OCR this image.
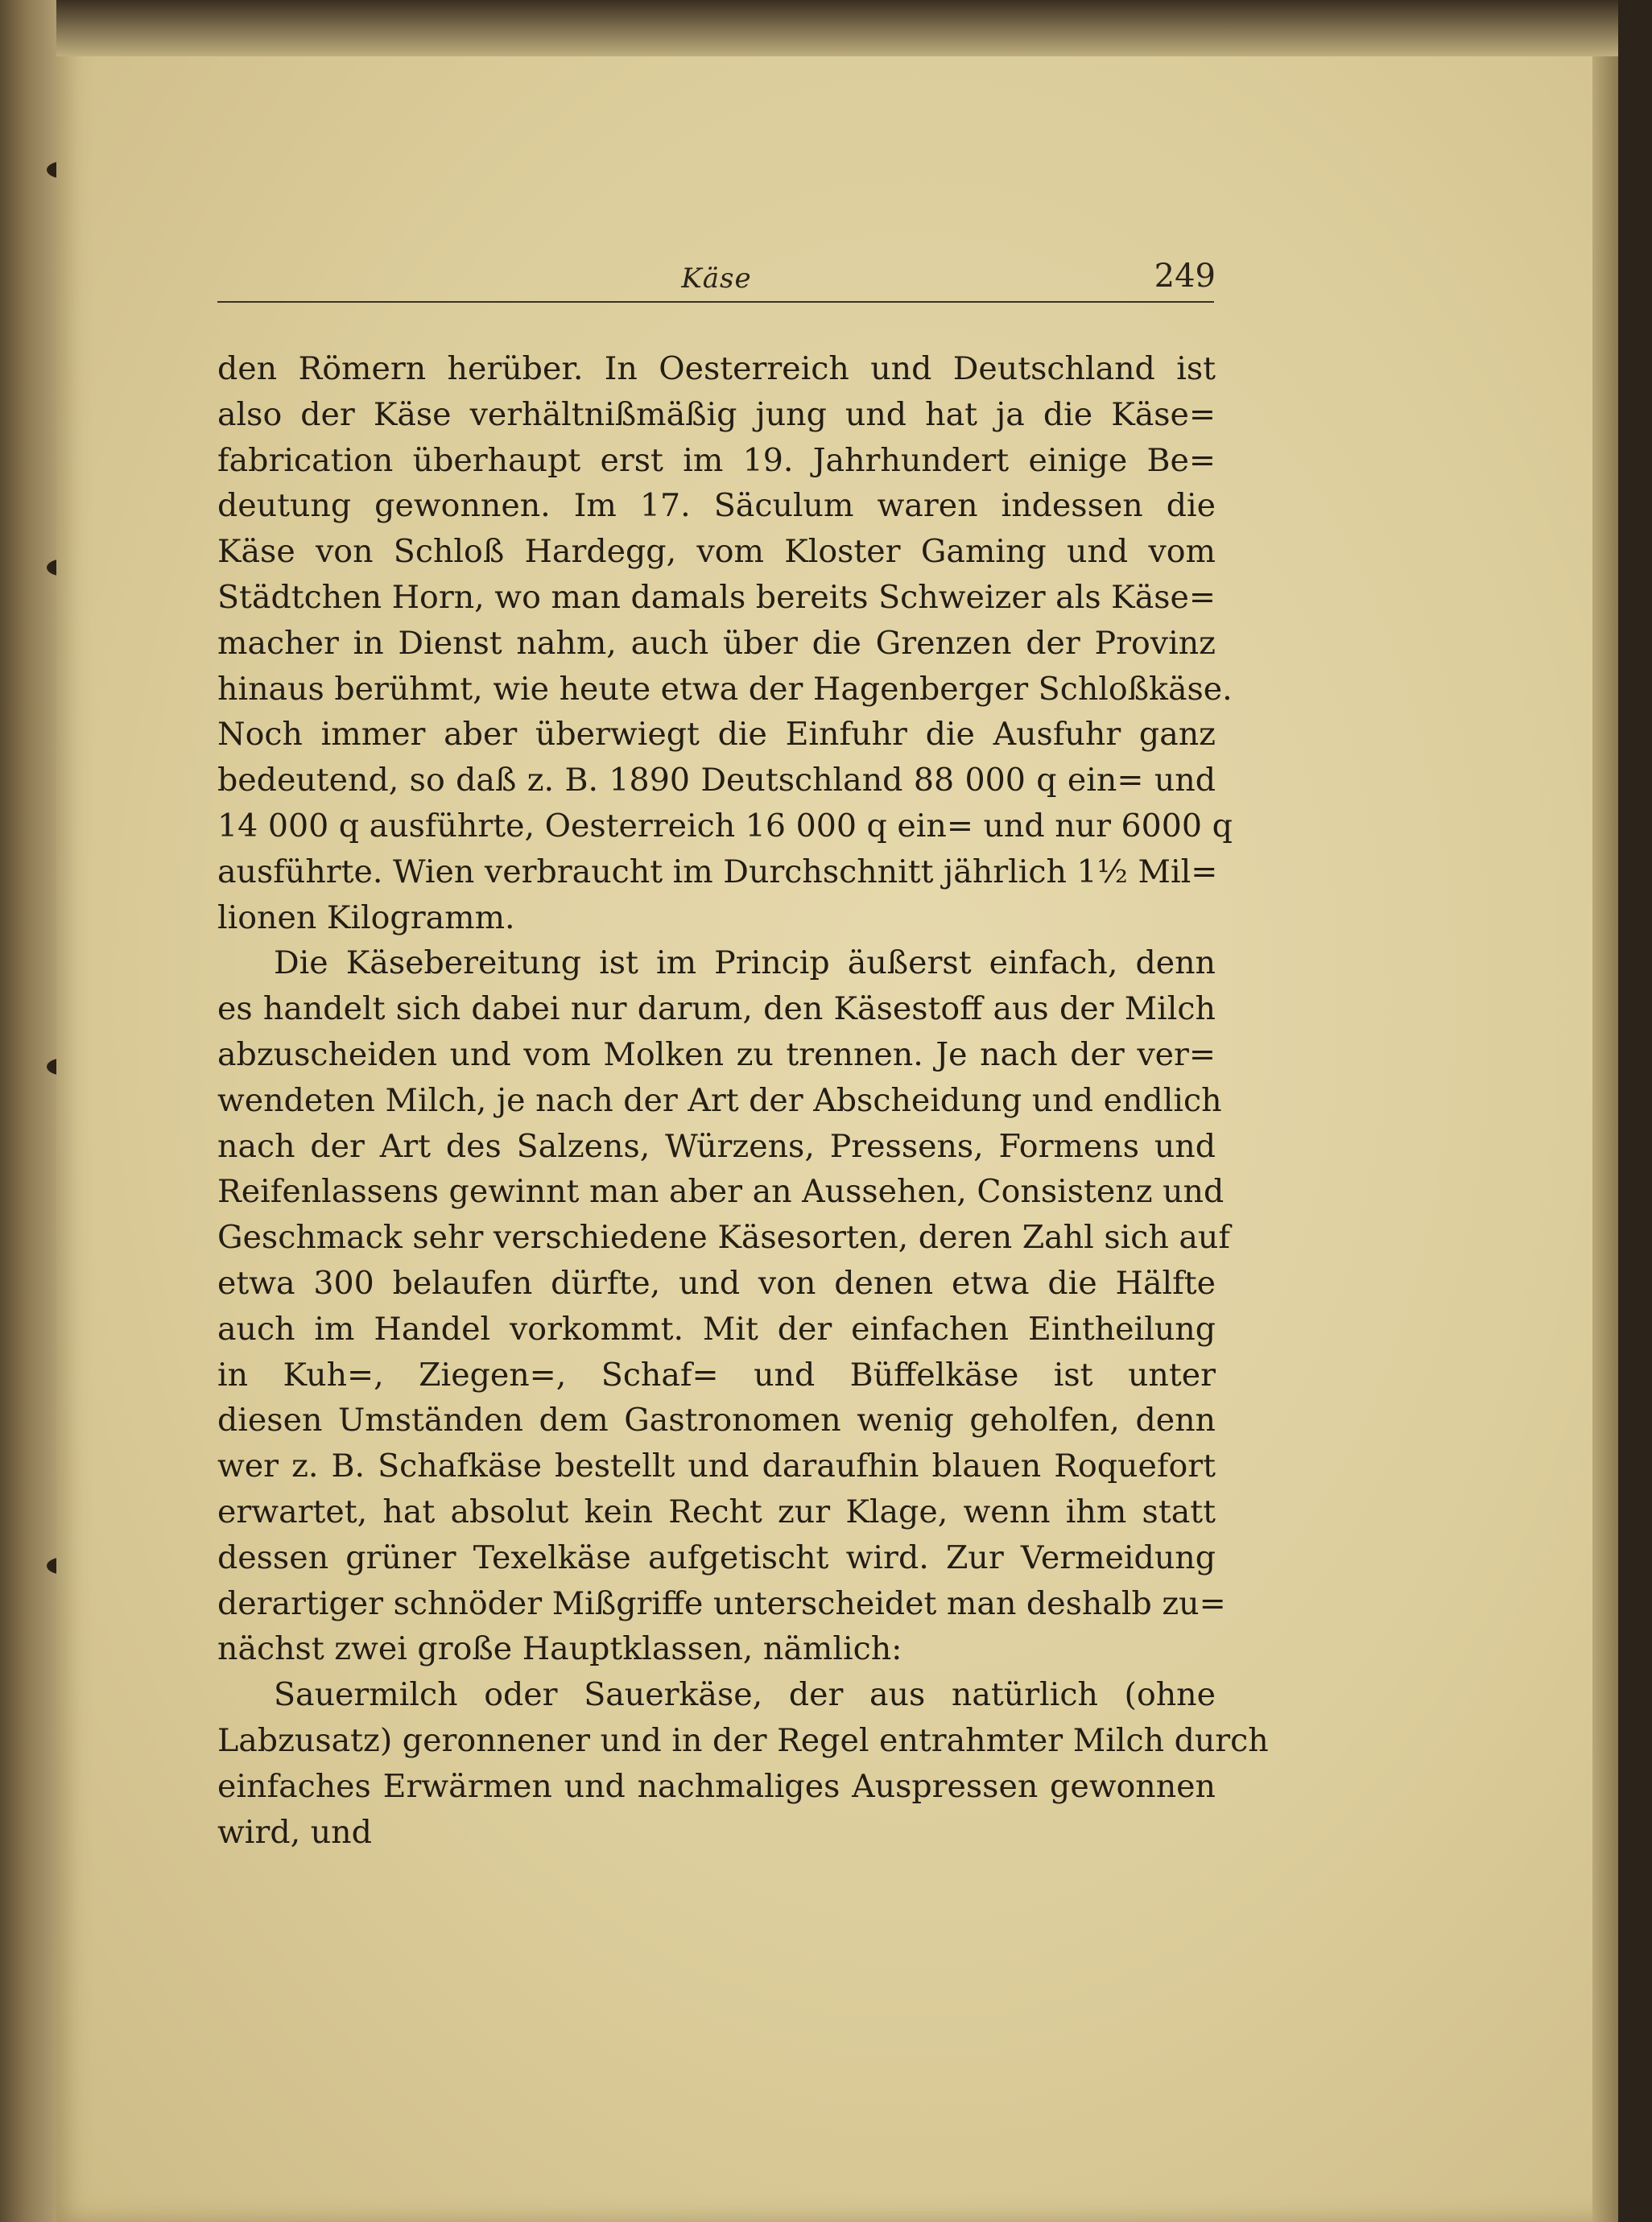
Käse	249
den Römern herüber. In Oesterreich und Deutschland ist
also der Käse verhältnißmäßig jung und hat ja die Käse=
fabrication überhaupt erst im 19. Jahrhundert einige Be=
deutung gewonnen. Im 17. Säculum waren indessen die
Käse von Schloß Hardegg, vom Kloster Gaming und vom
Städtchen Horn, wo man damals bereits Schweizer als Käse=
macher in Dienst nahm, auch über die Grenzen der Provinz
hinaus berühmt, wie heute etwa der Hagenberger Schloßkäse.
Noch immer aber überwiegt die Einfuhr die Ausfuhr ganz
bedeutend, so daß z. B. 1890 Deutschland 88 000 q ein= und
14 000 q ausführte, Oesterreich 16 000 q ein= und nur 6000 q
ausführte. Wien verbraucht im Durchschnitt jährlich 1½ Mil=
lionen Kilogramm.
Die Käsebereitung ist im Princip äußerst einfach, denn
es handelt sich dabei nur darum, den Käsestoff aus der Milch
abzuscheiden und vom Molken zu trennen. Je nach der ver=
wendeten Milch, je nach der Art der Abscheidung und endlich
nach der Art des Salzens, Würzens, Pressens, Formens und
Reifenlassens gewinnt man aber an Aussehen, Consistenz und
Geschmack sehr verschiedene Käsesorten, deren Zahl sich auf
etwa 300 belaufen dürfte, und von denen etwa die Hälfte
auch im Handel vorkommt. Mit der einfachen Eintheilung
in Kuh=, Ziegen=, Schaf= und Büffelkäse ist unter
diesen Umständen dem Gastronomen wenig geholfen, denn
wer z. B. Schafkäse bestellt und daraufhin blauen Roquefort
erwartet, hat absolut kein Recht zur Klage, wenn ihm statt
dessen grüner Texelkäse aufgetischt wird. Zur Vermeidung
derartiger schnöder Mißgriffe unterscheidet man deshalb zu=
nächst zwei große Hauptklassen, nämlich:
Sauermilch oder Sauerkäse, der aus natürlich (ohne
Labzusatz) geronnener und in der Regel entrahmter Milch durch
einfaches Erwärmen und nachmaliges Auspressen gewonnen
wird, und
